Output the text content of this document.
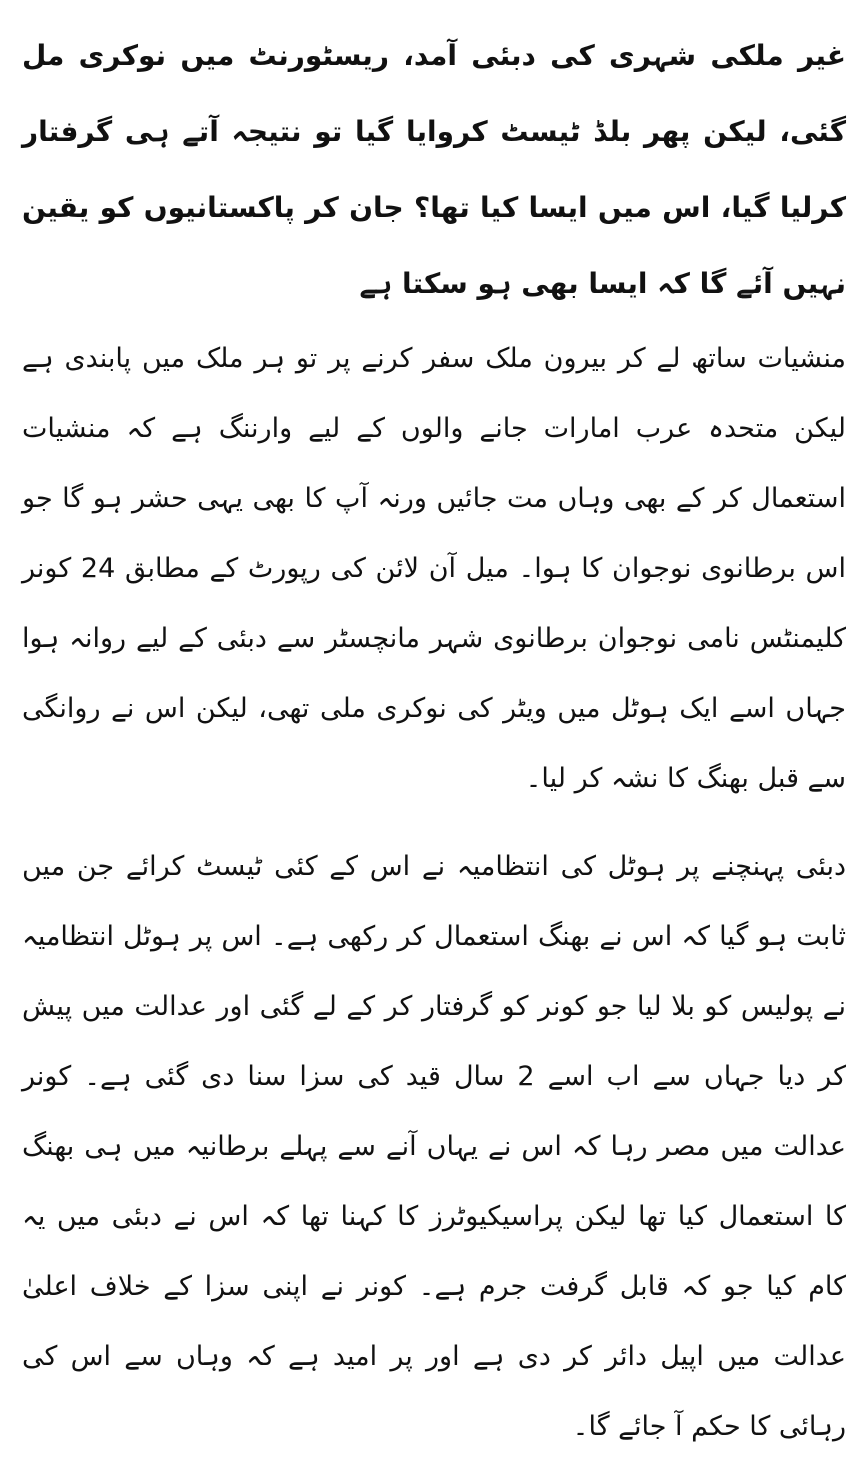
غیر ملکی شہری کی دبئی آمد، ریسٹورنٹ میں نوکری مل گئی، لیکن پھر بلڈ ٹیسٹ کروایا گیا تو نتیجہ آتے ہی گرفتار کرلیا گیا، اس میں ایسا کیا تھا؟ جان کر پاکستانیوں کو یقین نہیں آئے گا کہ ایسا بھی ہو سکتا ہے

منشیات ساتھ لے کر بیرون ملک سفر کرنے پر تو ہر ملک میں پابندی ہے لیکن متحدہ عرب امارات جانے والوں کے لیے وارننگ ہے کہ منشیات استعمال کر کے بھی وہاں مت جائیں ورنہ آپ کا بھی یہی حشر ہو گا جو اس برطانوی نوجوان کا ہوا۔ میل آن لائن کی رپورٹ کے مطابق 24 کونر کلیمنٹس نامی نوجوان برطانوی شہر مانچسٹر سے دبئی کے لیے روانہ ہوا جہاں اسے ایک ہوٹل میں ویٹر کی نوکری ملی تھی، لیکن اس نے روانگی سے قبل بھنگ کا نشہ کر لیا۔

دبئی پہنچنے پر ہوٹل کی انتظامیہ نے اس کے کئی ٹیسٹ کرائے جن میں ثابت ہو گیا کہ اس نے بھنگ استعمال کر رکھی ہے۔ اس پر ہوٹل انتظامیہ نے پولیس کو بلا لیا جو کونر کو گرفتار کر کے لے گئی اور عدالت میں پیش کر دیا جہاں سے اب اسے 2 سال قید کی سزا سنا دی گئی ہے۔ کونر عدالت میں مصر رہا کہ اس نے یہاں آنے سے پہلے برطانیہ میں ہی بھنگ کا استعمال کیا تھا لیکن پراسیکیوٹرز کا کہنا تھا کہ اس نے دبئی میں یہ کام کیا جو کہ قابل گرفت جرم ہے۔ کونر نے اپنی سزا کے خلاف اعلیٰ عدالت میں اپیل دائر کر دی ہے اور پر امید ہے کہ وہاں سے اس کی رہائی کا حکم آ جائے گا۔
